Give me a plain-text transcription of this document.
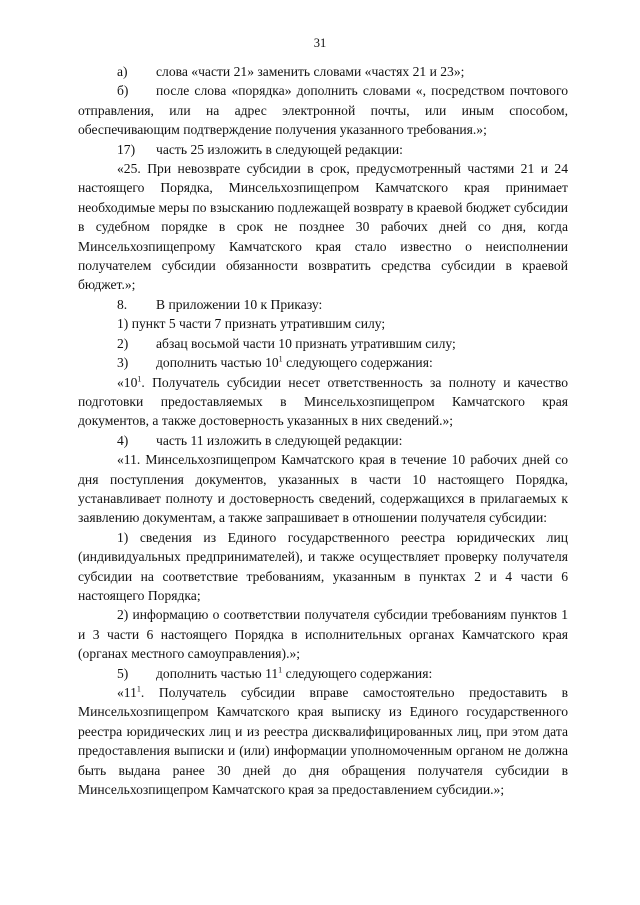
31

а) слова «части 21» заменить словами «частях 21 и 23»;

б) после слова «порядка» дополнить словами «, посредством почтового отправления, или на адрес электронной почты, или иным способом, обеспечивающим подтверждение получения указанного требования.»;

17) часть 25 изложить в следующей редакции:

«25. При невозврате субсидии в срок, предусмотренный частями 21 и 24 настоящего Порядка, Минсельхозпищепром Камчатского края принимает необходимые меры по взысканию подлежащей возврату в краевой бюджет субсидии в судебном порядке в срок не позднее 30 рабочих дней со дня, когда Минсельхозпищепрому Камчатского края стало известно о неисполнении получателем субсидии обязанности возвратить средства субсидии в краевой бюджет.»;

8. В приложении 10 к Приказу:

1) пункт 5 части 7 признать утратившим силу;

2) абзац восьмой части 10 признать утратившим силу;

3) дополнить частью $10^1$ следующего содержания:

«$10^1$. Получатель субсидии несет ответственность за полноту и качество подготовки предоставляемых в Минсельхозпищепром Камчатского края документов, а также достоверность указанных в них сведений.»;

4) часть 11 изложить в следующей редакции:

«11. Минсельхозпищепром Камчатского края в течение 10 рабочих дней со дня поступления документов, указанных в части 10 настоящего Порядка, устанавливает полноту и достоверность сведений, содержащихся в прилагаемых к заявлению документам, а также запрашивает в отношении получателя субсидии:

1) сведения из Единого государственного реестра юридических лиц (индивидуальных предпринимателей), и также осуществляет проверку получателя субсидии на соответствие требованиям, указанным в пунктах 2 и 4 части 6 настоящего Порядка;

2) информацию о соответствии получателя субсидии требованиям пунктов 1 и 3 части 6 настоящего Порядка в исполнительных органах Камчатского края (органах местного самоуправления).»;

5) дополнить частью $11^1$ следующего содержания:

«$11^1$. Получатель субсидии вправе самостоятельно предоставить в Минсельхозпищепром Камчатского края выписку из Единого государственного реестра юридических лиц и из реестра дисквалифицированных лиц, при этом дата предоставления выписки и (или) информации уполномоченным органом не должна быть выдана ранее 30 дней до дня обращения получателя субсидии в Минсельхозпищепром Камчатского края за предоставлением субсидии.»;
